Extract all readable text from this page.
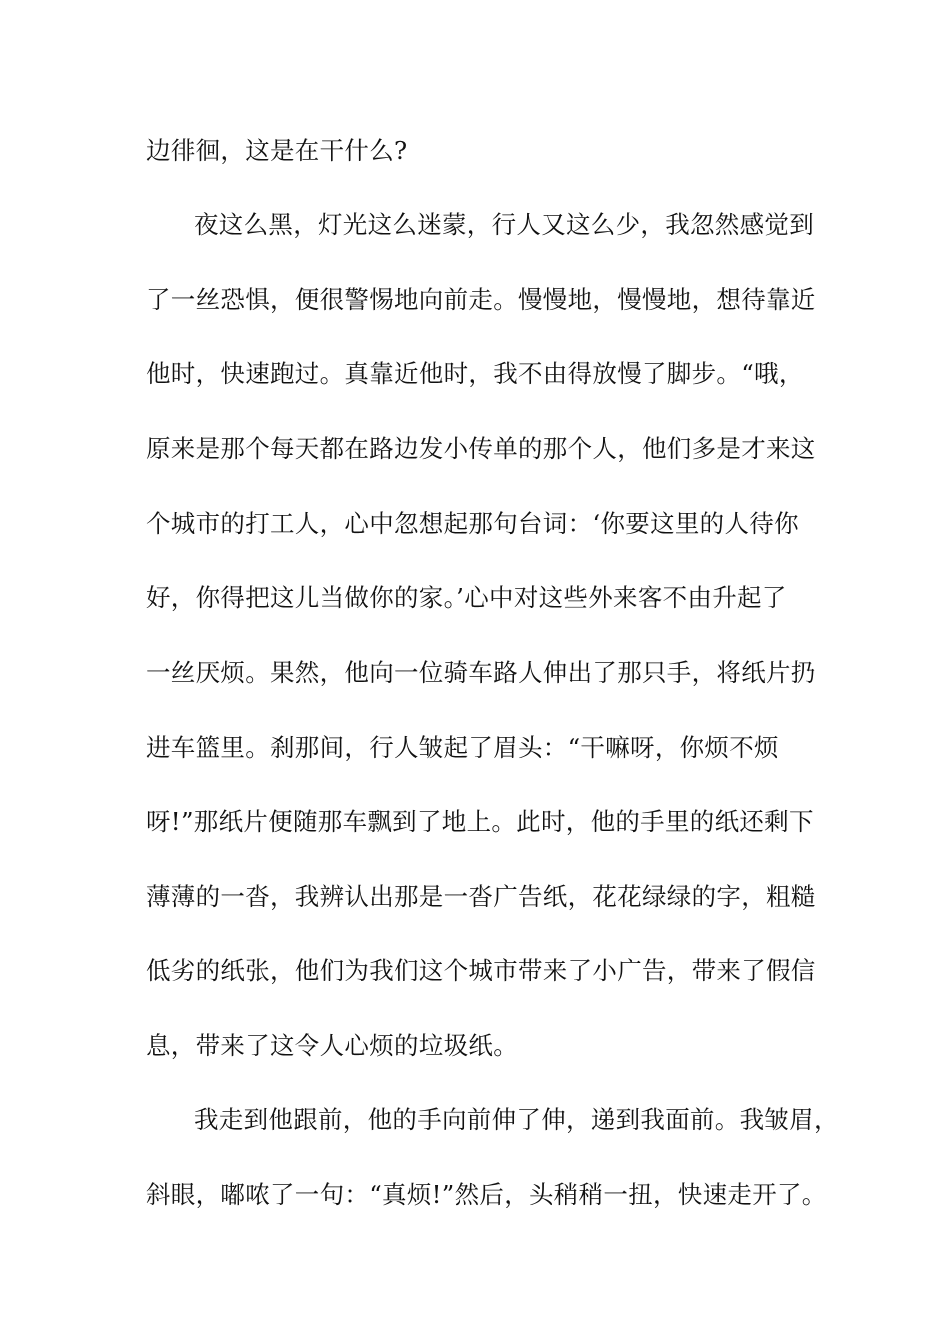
边徘徊，这是在干什么?
夜这么黑，灯光这么迷蒙，行人又这么少，我忽然感觉到
了一丝恐惧，便很警惕地向前走。慢慢地，慢慢地，想待靠近
他时，快速跑过。真靠近他时，我不由得放慢了脚步。“哦，
原来是那个每天都在路边发小传单的那个人，他们多是才来这
个城市的打工人，心中忽想起那句台词：‘你要这里的人待你
好，你得把这儿当做你的家。’心中对这些外来客不由升起了
一丝厌烦。果然，他向一位骑车路人伸出了那只手，将纸片扔
进车篮里。刹那间，行人皱起了眉头：“干嘛呀，你烦不烦
呀!”那纸片便随那车飘到了地上。此时，他的手里的纸还剩下
薄薄的一沓，我辨认出那是一沓广告纸，花花绿绿的字，粗糙
低劣的纸张，他们为我们这个城市带来了小广告，带来了假信
息，带来了这令人心烦的垃圾纸。
我走到他跟前，他的手向前伸了伸，递到我面前。我皱眉，
斜眼，嘟哝了一句：“真烦!”然后，头稍稍一扭，快速走开了。
